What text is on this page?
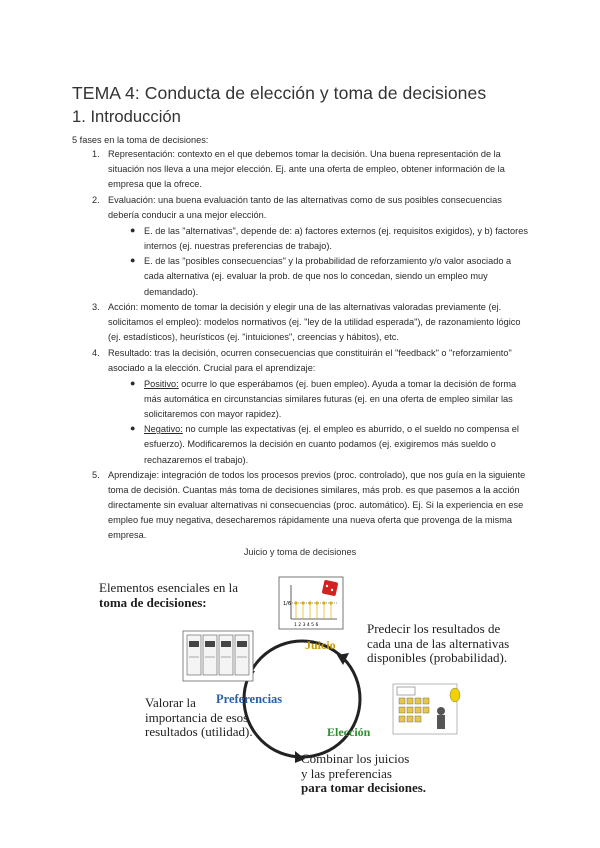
TEMA 4: Conducta de elección y toma de decisiones
1. Introducción

5 fases en la toma de decisiones:

1. Representación: contexto en el que debemos tomar la decisión. Una buena representación de la situación nos lleva a una mejor elección. Ej. ante una oferta de empleo, obtener información de la empresa que la ofrece.
2. Evaluación: una buena evaluación tanto de las alternativas como de sus posibles consecuencias debería conducir a una mejor elección.
● E. de las "alternativas", depende de: a) factores externos (ej. requisitos exigidos), y b) factores internos (ej. nuestras preferencias de trabajo).
● E. de las "posibles consecuencias" y la probabilidad de reforzamiento y/o valor asociado a cada alternativa (ej. evaluar la prob. de que nos lo concedan, siendo un empleo muy demandado).
3. Acción: momento de tomar la decisión y elegir una de las alternativas valoradas previamente (ej. solicitamos el empleo): modelos normativos (ej. "ley de la utilidad esperada"), de razonamiento lógico (ej. estadísticos), heurísticos (ej. "intuiciones", creencias y hábitos), etc.
4. Resultado: tras la decisión, ocurren consecuencias que constituirán el "feedback" o "reforzamiento" asociado a la elección. Crucial para el aprendizaje:
● Positivo: ocurre lo que esperábamos (ej. buen empleo). Ayuda a tomar la decisión de forma más automática en circunstancias similares futuras (ej. en una oferta de empleo similar las solicitaremos con mayor rapidez).
● Negativo: no cumple las expectativas (ej. el empleo es aburrido, o el sueldo no compensa el esfuerzo). Modificaremos la decisión en cuanto podamos (ej. exigiremos más sueldo o rechazaremos el trabajo).
5. Aprendizaje: integración de todos los procesos previos (proc. controlado), que nos guía en la siguiente toma de decisión. Cuantas más toma de decisiones similares, más prob. es que pasemos a la acción directamente sin evaluar alternativas ni consecuencias (proc. automático). Ej. Si la experiencia en ese empleo fue muy negativa, desecharemos rápidamente una nueva oferta que provenga de la misma empresa.

Juicio y toma de decisiones

1/6
1 2 3 4 5 6

Elementos esenciales en la
toma de decisiones:

Predecir los resultados de
cada una de las alternativas
disponibles (probabilidad).

Valorar la
importancia de esos
resultados (utilidad).

Combinar los juicios
y las preferencias
para tomar decisiones.

Juicio

Preferencias

Elección
